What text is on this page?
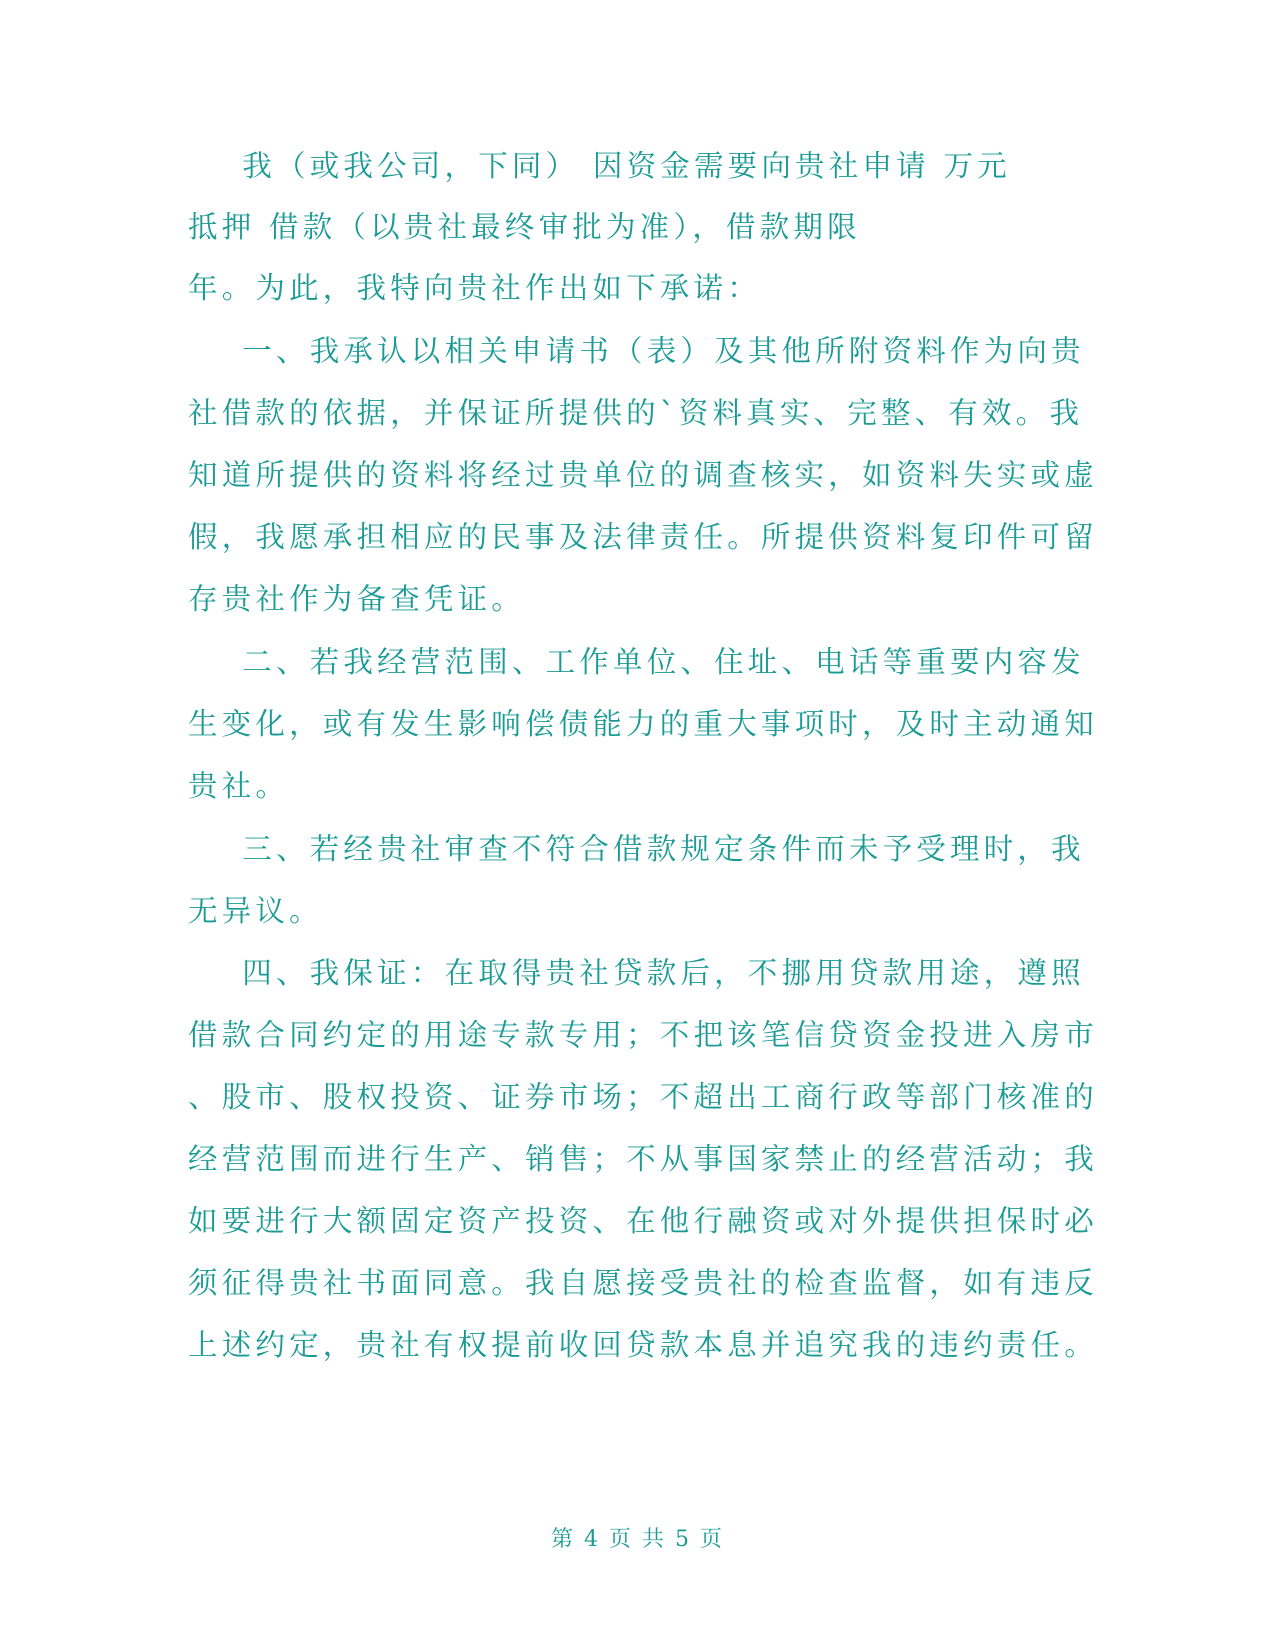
我（或我公司，下同） 因资金需要向贵社申请 万元
抵押 借款（以贵社最终审批为准），借款期限
年。为此，我特向贵社作出如下承诺：
一、我承认以相关申请书（表）及其他所附资料作为向贵
社借款的依据，并保证所提供的`资料真实、完整、有效。我
知道所提供的资料将经过贵单位的调查核实，如资料失实或虚
假，我愿承担相应的民事及法律责任。所提供资料复印件可留
存贵社作为备查凭证。
二、若我经营范围、工作单位、住址、电话等重要内容发
生变化，或有发生影响偿债能力的重大事项时，及时主动通知
贵社。
三、若经贵社审查不符合借款规定条件而未予受理时，我
无异议。
四、我保证：在取得贵社贷款后，不挪用贷款用途，遵照
借款合同约定的用途专款专用；不把该笔信贷资金投进入房市
、股市、股权投资、证券市场；不超出工商行政等部门核准的
经营范围而进行生产、销售；不从事国家禁止的经营活动；我
如要进行大额固定资产投资、在他行融资或对外提供担保时必
须征得贵社书面同意。我自愿接受贵社的检查监督，如有违反
上述约定，贵社有权提前收回贷款本息并追究我的违约责任。
第 4 页 共 5 页
